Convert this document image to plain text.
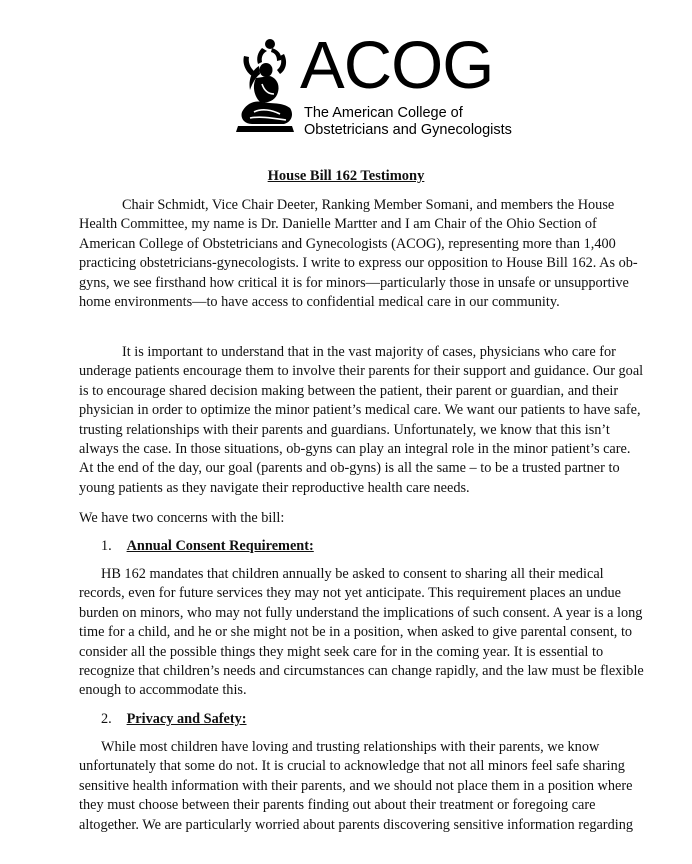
ACOG
The American College of
Obstetricians and Gynecologists
House Bill 162 Testimony

Chair Schmidt, Vice Chair Deeter, Ranking Member Somani, and members the House Health Committee, my name is Dr. Danielle Martter and I am Chair of the Ohio Section of American College of Obstetricians and Gynecologists (ACOG), representing more than 1,400 practicing obstetricians-gynecologists. I write to express our opposition to House Bill 162. As ob-gyns, we see firsthand how critical it is for minors—particularly those in unsafe or unsupportive home environments—to have access to confidential medical care in our community.

It is important to understand that in the vast majority of cases, physicians who care for underage patients encourage them to involve their parents for their support and guidance. Our goal is to encourage shared decision making between the patient, their parent or guardian, and their physician in order to optimize the minor patient’s medical care. We want our patients to have safe, trusting relationships with their parents and guardians. Unfortunately, we know that this isn’t always the case. In those situations, ob-gyns can play an integral role in the minor patient’s care. At the end of the day, our goal (parents and ob-gyns) is all the same – to be a trusted partner to young patients as they navigate their reproductive health care needs.

We have two concerns with the bill:

1. Annual Consent Requirement:

HB 162 mandates that children annually be asked to consent to sharing all their medical records, even for future services they may not yet anticipate. This requirement places an undue burden on minors, who may not fully understand the implications of such consent. A year is a long time for a child, and he or she might not be in a position, when asked to give parental consent, to consider all the possible things they might seek care for in the coming year. It is essential to recognize that children’s needs and circumstances can change rapidly, and the law must be flexible enough to accommodate this.

2. Privacy and Safety:

While most children have loving and trusting relationships with their parents, we know unfortunately that some do not. It is crucial to acknowledge that not all minors feel safe sharing sensitive health information with their parents, and we should not place them in a position where they must choose between their parents finding out about their treatment or foregoing care altogether. We are particularly worried about parents discovering sensitive information regarding
